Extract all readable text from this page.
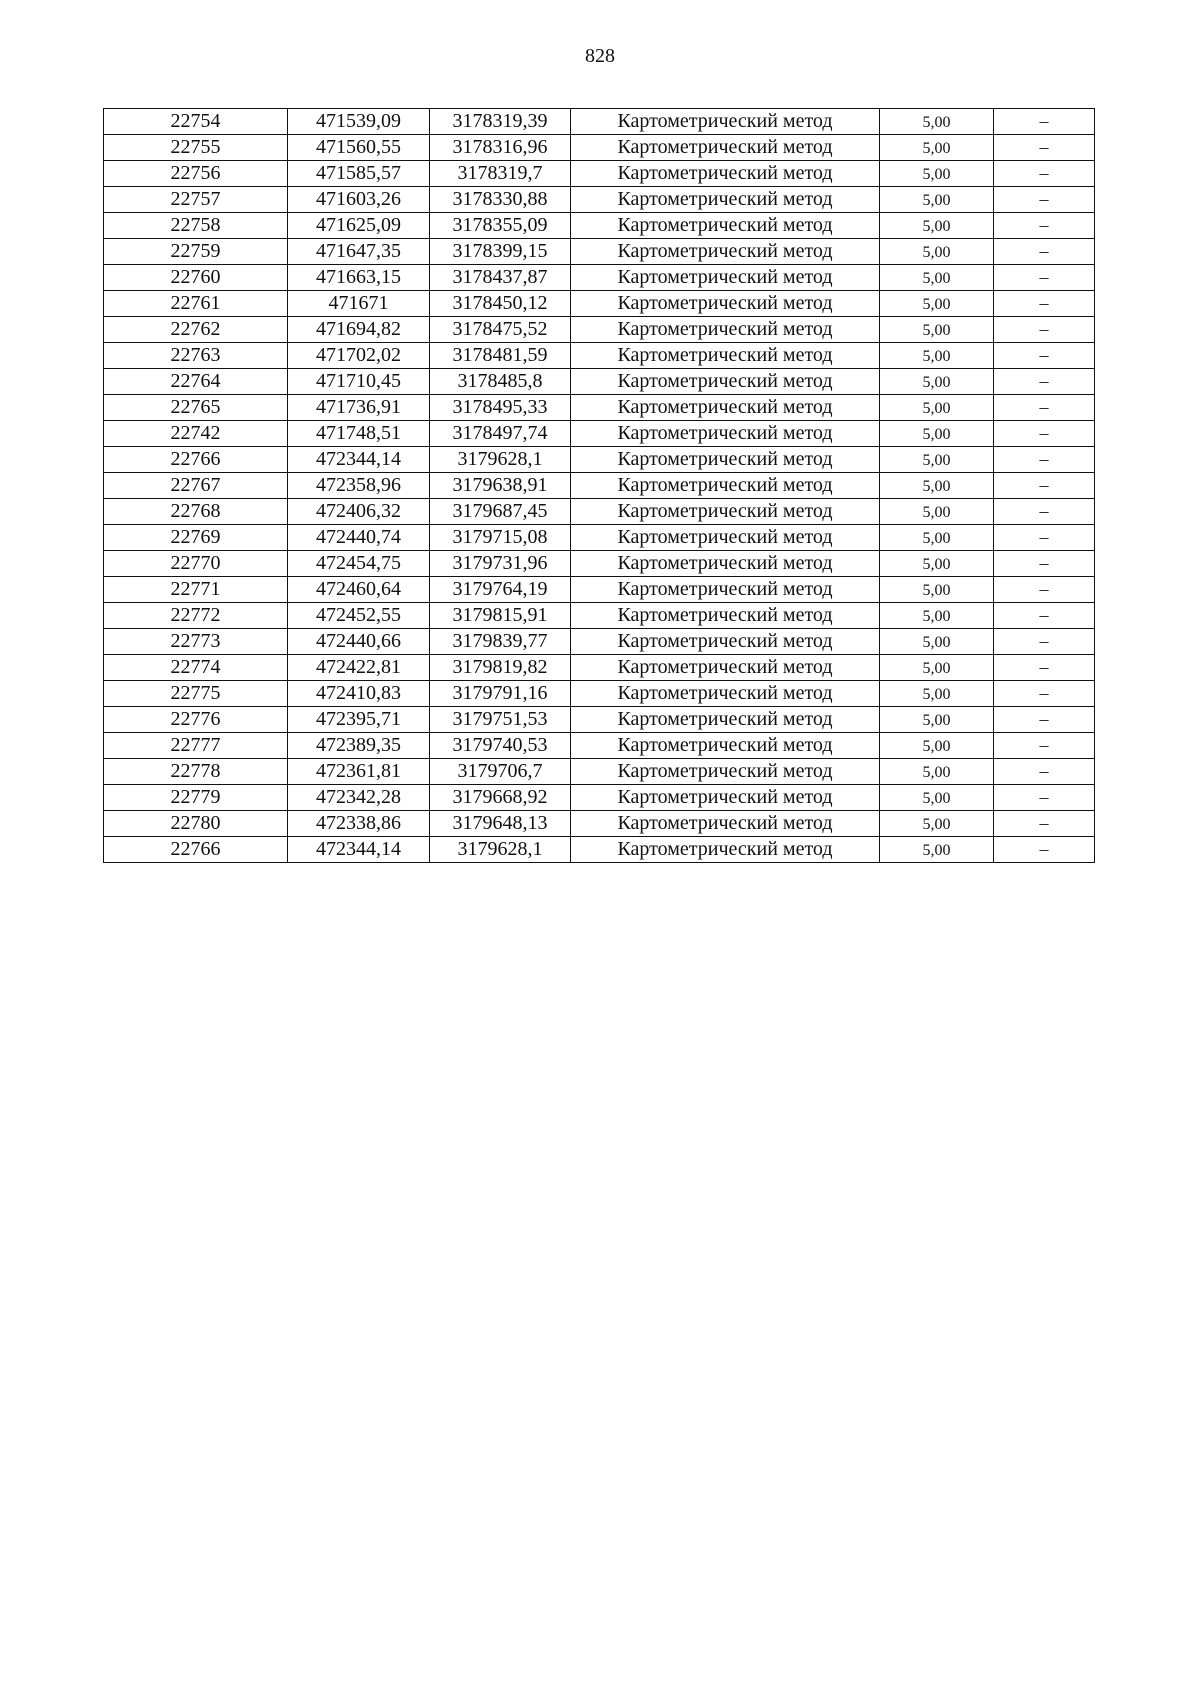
828
22754	471539,09	3178319,39	Картометрический метод	5,00	–
22755	471560,55	3178316,96	Картометрический метод	5,00	–
22756	471585,57	3178319,7	Картометрический метод	5,00	–
22757	471603,26	3178330,88	Картометрический метод	5,00	–
22758	471625,09	3178355,09	Картометрический метод	5,00	–
22759	471647,35	3178399,15	Картометрический метод	5,00	–
22760	471663,15	3178437,87	Картометрический метод	5,00	–
22761	471671	3178450,12	Картометрический метод	5,00	–
22762	471694,82	3178475,52	Картометрический метод	5,00	–
22763	471702,02	3178481,59	Картометрический метод	5,00	–
22764	471710,45	3178485,8	Картометрический метод	5,00	–
22765	471736,91	3178495,33	Картометрический метод	5,00	–
22742	471748,51	3178497,74	Картометрический метод	5,00	–
22766	472344,14	3179628,1	Картометрический метод	5,00	–
22767	472358,96	3179638,91	Картометрический метод	5,00	–
22768	472406,32	3179687,45	Картометрический метод	5,00	–
22769	472440,74	3179715,08	Картометрический метод	5,00	–
22770	472454,75	3179731,96	Картометрический метод	5,00	–
22771	472460,64	3179764,19	Картометрический метод	5,00	–
22772	472452,55	3179815,91	Картометрический метод	5,00	–
22773	472440,66	3179839,77	Картометрический метод	5,00	–
22774	472422,81	3179819,82	Картометрический метод	5,00	–
22775	472410,83	3179791,16	Картометрический метод	5,00	–
22776	472395,71	3179751,53	Картометрический метод	5,00	–
22777	472389,35	3179740,53	Картометрический метод	5,00	–
22778	472361,81	3179706,7	Картометрический метод	5,00	–
22779	472342,28	3179668,92	Картометрический метод	5,00	–
22780	472338,86	3179648,13	Картометрический метод	5,00	–
22766	472344,14	3179628,1	Картометрический метод	5,00	–
